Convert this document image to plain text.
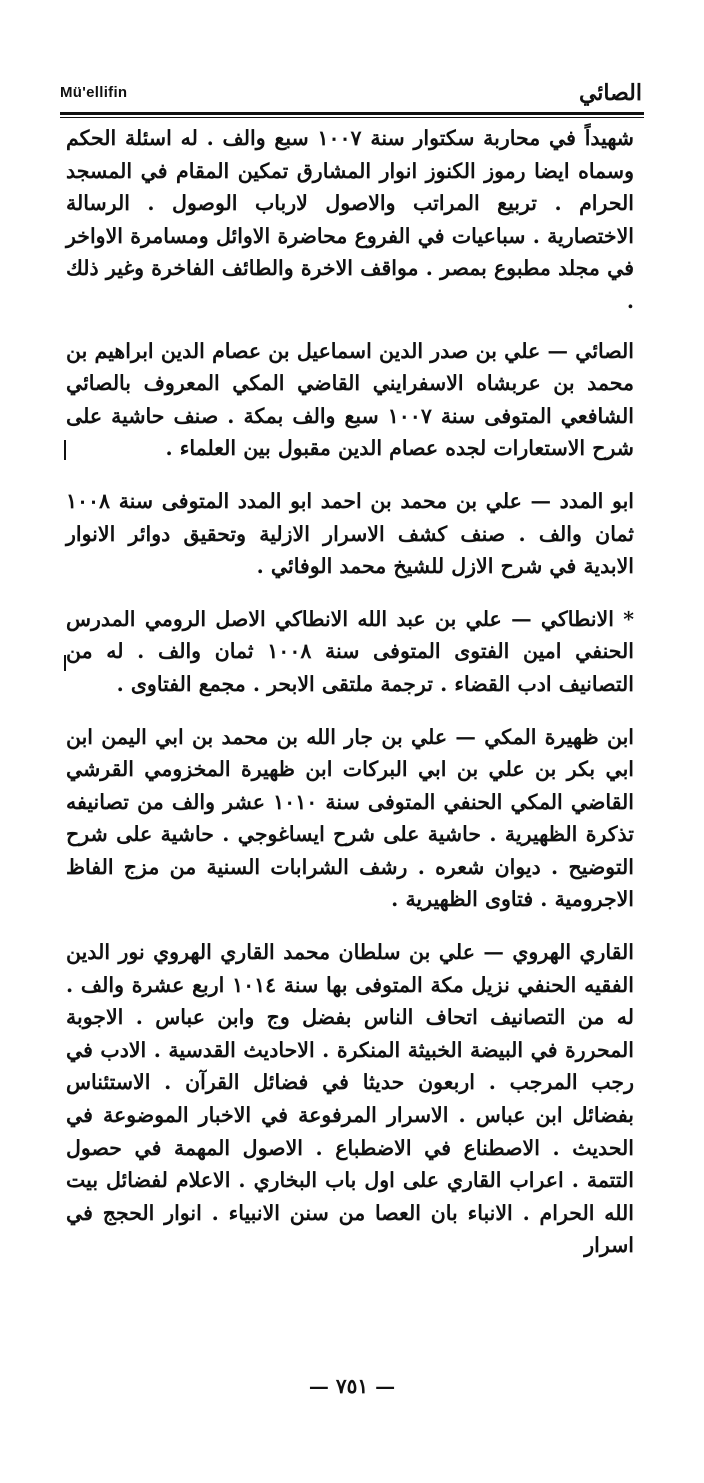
Mü'ellifin	الصائي

شهيداً في محاربة سكتوار سنة ١٠٠٧ سبع والف . له اسئلة الحكم وسماه ايضا رموز الكنوز انوار المشارق تمكين المقام في المسجد الحرام . تربيع المراتب والاصول لارباب الوصول . الرسالة الاختصارية . سباعيات في الفروع محاضرة الاوائل ومسامرة الاواخر في مجلد مطبوع بمصر . مواقف الاخرة والطائف الفاخرة وغير ذلك .

الصائي — علي بن صدر الدين اسماعيل بن عصام الدين ابراهيم بن محمد بن عربشاه الاسفرايني القاضي المكي المعروف بالصائي الشافعي المتوفى سنة ١٠٠٧ سبع والف بمكة . صنف حاشية على شرح الاستعارات لجده عصام الدين مقبول بين العلماء .

ابو المدد — علي بن محمد بن احمد ابو المدد المتوفى سنة ١٠٠٨ ثمان والف . صنف كشف الاسرار الازلية وتحقيق دوائر الانوار الابدية في شرح الازل للشيخ محمد الوفائي .

* الانطاكي — علي بن عبد الله الانطاكي الاصل الرومي المدرس الحنفي امين الفتوى المتوفى سنة ١٠٠٨ ثمان والف . له من التصانيف ادب القضاء . ترجمة ملتقى الابحر . مجمع الفتاوى .

ابن ظهيرة المكي — علي بن جار الله بن محمد بن ابي اليمن ابن ابي بكر بن علي بن ابي البركات ابن ظهيرة المخزومي القرشي القاضي المكي الحنفي المتوفى سنة ١٠١٠ عشر والف من تصانيفه تذكرة الظهيرية . حاشية على شرح ايساغوجي . حاشية على شرح التوضيح . ديوان شعره . رشف الشرابات السنية من مزج الفاظ الاجرومية . فتاوى الظهيرية .

القاري الهروي — علي بن سلطان محمد القاري الهروي نور الدين الفقيه الحنفي نزيل مكة المتوفى بها سنة ١٠١٤ اربع عشرة والف . له من التصانيف اتحاف الناس بفضل وج وابن عباس . الاجوبة المحررة في البيضة الخبيثة المنكرة . الاحاديث القدسية . الادب في رجب المرجب . اربعون حديثا في فضائل القرآن . الاستئناس بفضائل ابن عباس . الاسرار المرفوعة في الاخبار الموضوعة في الحديث . الاصطناع في الاضطباع . الاصول المهمة في حصول التتمة . اعراب القاري على اول باب البخاري . الاعلام لفضائل بيت الله الحرام . الانباء بان العصا من سنن الانبياء . انوار الحجج في اسرار

— ٧٥١ —
